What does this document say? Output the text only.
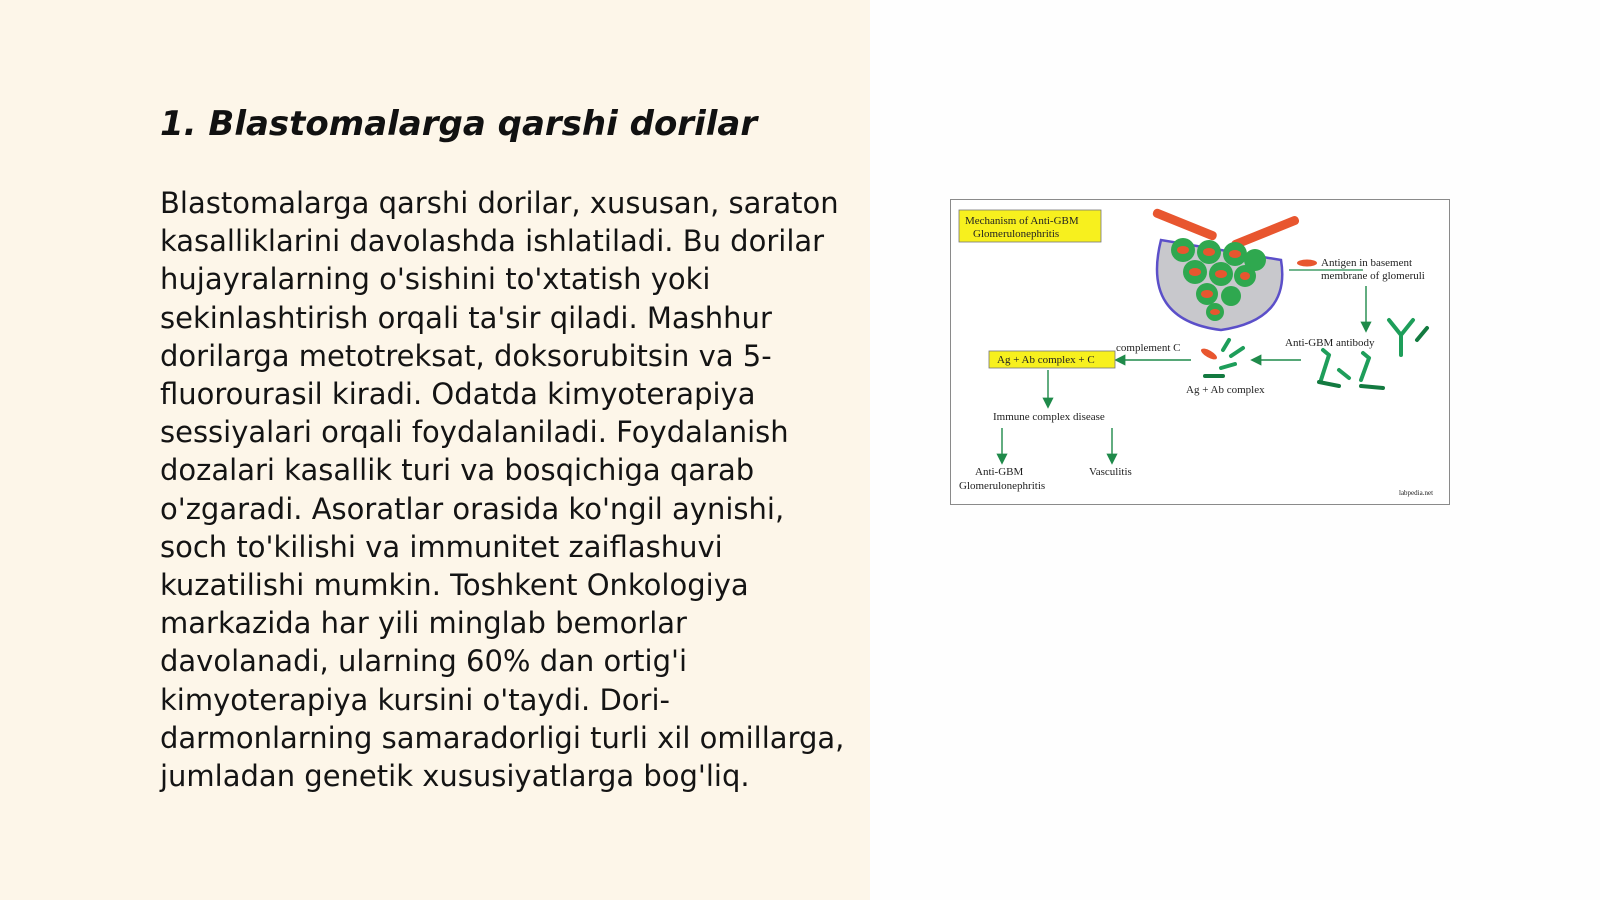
1. Blastomalarga qarshi dorilar

Blastomalarga qarshi dorilar, xususan, saraton kasalliklarini davolashda ishlatiladi. Bu dorilar hujayralarning o'sishini to'xtatish yoki sekinlashtirish orqali ta'sir qiladi. Mashhur dorilarga metotreksat, doksorubitsin va 5-fluorourasil kiradi. Odatda kimyoterapiya sessiyalari orqali foydalaniladi. Foydalanish dozalari kasallik turi va bosqichiga qarab o'zgaradi. Asoratlar orasida ko'ngil aynishi, soch to'kilishi va immunitet zaiflashuvi kuzatilishi mumkin. Toshkent Onkologiya markazida har yili minglab bemorlar davolanadi, ularning 60% dan ortig'i kimyoterapiya kursini o'taydi. Dori-darmonlarning samaradorligi turli xil omillarga, jumladan genetik xususiyatlarga bog'liq.

Mechanism of Anti-GBM
Glomerulonephritis
Antigen in basement
membrane of glomeruli
Anti-GBM antibody
Ag + Ab complex
complement C
Ag + Ab complex + C
Immune complex disease
Anti-GBM
Glomerulonephritis
Vasculitis
labpedia.net
